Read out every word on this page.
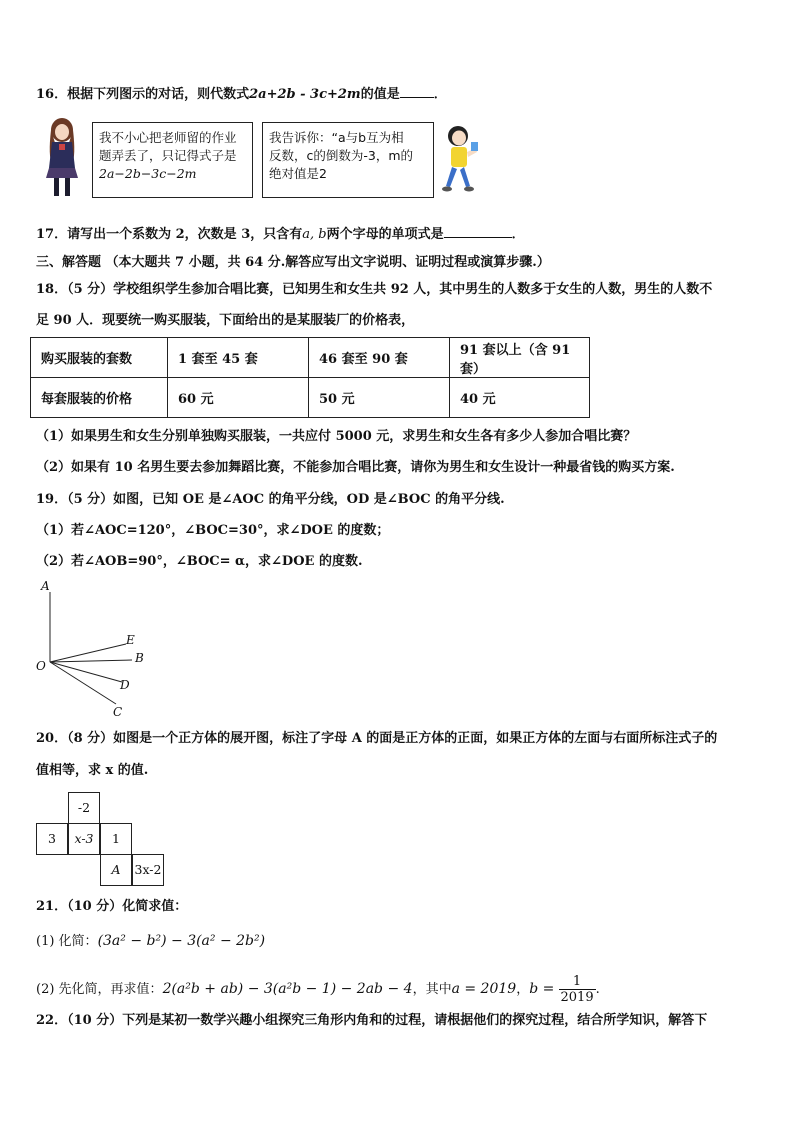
16．根据下列图示的对话，则代数式2a+2b - 3c+2m的值是	．
我不小心把老师留的作业
题弄丢了，只记得式子是
2a−2b−3c−2m
我告诉你：“a与b互为相
反数，c的倒数为-3，m的
绝对值是2
17．请写出一个系数为 2，次数是 3，只含有a, b两个字母的单项式是	．
三、解答题 （本大题共 7 小题，共 64 分.解答应写出文字说明、证明过程或演算步骤.）
18．（5 分）学校组织学生参加合唱比赛，已知男生和女生共 92 人，其中男生的人数多于女生的人数，男生的人数不
足 90 人．现要统一购买服装，下面给出的是某服装厂的价格表，
购买服装的套数	1 套至 45 套	46 套至 90 套	91 套以上（含 91 套）
每套服装的价格	60 元	50 元	40 元
（1）如果男生和女生分别单独购买服装，一共应付 5000 元，求男生和女生各有多少人参加合唱比赛？
（2）如果有 10 名男生要去参加舞蹈比赛，不能参加合唱比赛，请你为男生和女生设计一种最省钱的购买方案.
19．（5 分）如图，已知 OE 是∠AOC 的角平分线，OD 是∠BOC 的角平分线.
（1）若∠AOC=120°，∠BOC=30°，求∠DOE 的度数；
（2）若∠AOB=90°，∠BOC= α，求∠DOE 的度数.
A
E
B
O
D
C
20．（8 分）如图是一个正方体的展开图，标注了字母 A 的面是正方体的正面，如果正方体的左面与右面所标注式子的
值相等，求 x 的值.
-2
3	x-3	1
A	3x-2
21．（10 分）化简求值：
(1) 化简：(3a² − b²) − 3(a² − 2b²)
(2) 先化简，再求值：2(a²b + ab) − 3(a²b − 1) − 2ab − 4，其中a = 2019，$b = \frac{1}{2019}$ .
22．（10 分）下列是某初一数学兴趣小组探究三角形内角和的过程，请根据他们的探究过程，结合所学知识，解答下
